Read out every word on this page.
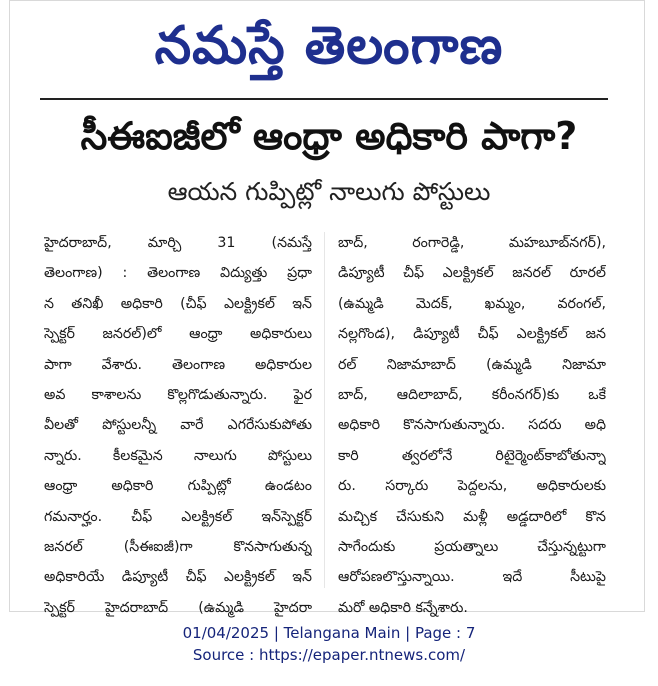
నమస్తే తెలంగాణ
సీఈఐజీలో ఆంధ్రా అధికారి పాగా?
ఆయన గుప్పిట్లో నాలుగు పోస్టులు
హైదరాబాద్, మార్చి 31 (నమస్తే
తెలంగాణ) : తెలంగాణ విద్యుత్తు ప్రధా
న తనిఖీ అధికారి (చీఫ్ ఎలక్ట్రికల్ ఇన్
స్పెక్టర్ జనరల్)లో ఆంధ్రా అధికారులు
పాగా వేశారు. తెలంగాణ అధికారుల
అవ కాశాలను కొల్లగొడుతున్నారు. ఫైర
వీలతో పోస్టులన్నీ వారే ఎగరేసుకుపోతు
న్నారు. కీలకమైన నాలుగు పోస్టులు
ఆంధ్రా అధికారి గుప్పిట్లో ఉండటం
గమనార్హం. చీఫ్ ఎలక్ట్రికల్ ఇన్‌స్పెక్టర్
జనరల్ (సీఈఐజీ)గా కొనసాగుతున్న
అధికారియే డిప్యూటీ చీఫ్ ఎలక్ట్రికల్ ఇన్
స్పెక్టర్ హైదరాబాద్ (ఉమ్మడి హైదరా
బాద్, రంగారెడ్డి, మహబూబ్‌నగర్),
డిప్యూటీ చీఫ్ ఎలక్ట్రికల్ జనరల్ రూరల్
(ఉమ్మడి మెదక్, ఖమ్మం, వరంగల్,
నల్లగొండ), డిప్యూటీ చీఫ్ ఎలక్ట్రికల్ జన
రల్ నిజామాబాద్ (ఉమ్మడి నిజామా
బాద్, ఆదిలాబాద్, కరీంనగర్)కు ఒకే
అధికారి కొనసాగుతున్నారు. సదరు అధి
కారి త్వరలోనే రిటైర్మెంట్‌కాబోతున్నా
రు. సర్కారు పెద్దలను, అధికారులకు
మచ్చిక చేసుకుని మళ్లీ అడ్డదారిలో కొన
సాగేందుకు ప్రయత్నాలు చేస్తున్నట్టుగా
ఆరోపణలొస్తున్నాయి. ఇదే సీటుపై
మరో అధికారి కన్నేశారు.
01/04/2025 | Telangana Main | Page : 7
Source : https://epaper.ntnews.com/
